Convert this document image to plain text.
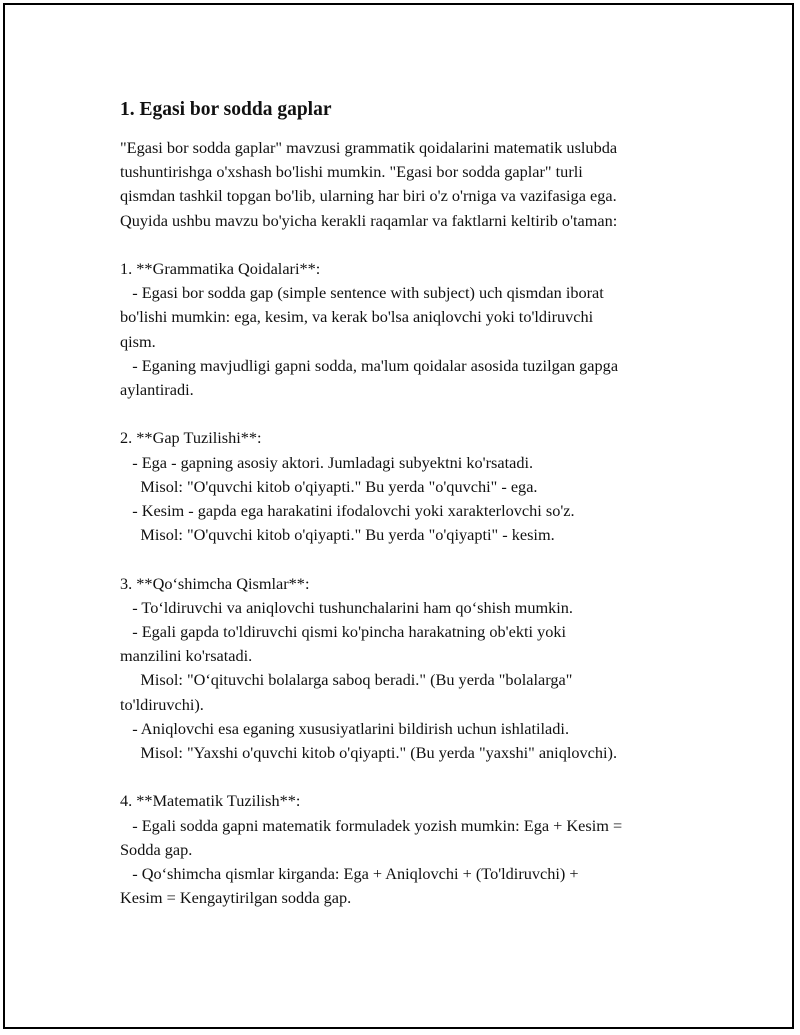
1. Egasi bor sodda gaplar

"Egasi bor sodda gaplar" mavzusi grammatik qoidalarini matematik uslubda

tushuntirishga o'xshash bo'lishi mumkin. "Egasi bor sodda gaplar" turli

qismdan tashkil topgan bo'lib, ularning har biri o'z o'rniga va vazifasiga ega.

Quyida ushbu mavzu bo'yicha kerakli raqamlar va faktlarni keltirib o'taman:

1. **Grammatika Qoidalari**:

- Egasi bor sodda gap (simple sentence with subject) uch qismdan iborat

bo'lishi mumkin: ega, kesim, va kerak bo'lsa aniqlovchi yoki to'ldiruvchi

qism.

- Eganing mavjudligi gapni sodda, ma'lum qoidalar asosida tuzilgan gapga

aylantiradi.

2. **Gap Tuzilishi**:

- Ega - gapning asosiy aktori. Jumladagi subyektni ko'rsatadi.

Misol: "O'quvchi kitob o'qiyapti." Bu yerda "o'quvchi" - ega.

- Kesim - gapda ega harakatini ifodalovchi yoki xarakterlovchi so'z.

Misol: "O'quvchi kitob o'qiyapti." Bu yerda "o'qiyapti" - kesim.

3. **Qo‘shimcha Qismlar**:

- To‘ldiruvchi va aniqlovchi tushunchalarini ham qo‘shish mumkin.

- Egali gapda to'ldiruvchi qismi ko'pincha harakatning ob'ekti yoki

manzilini ko'rsatadi.

Misol: "O‘qituvchi bolalarga saboq beradi." (Bu yerda "bolalarga"

to'ldiruvchi).

- Aniqlovchi esa eganing xususiyatlarini bildirish uchun ishlatiladi.

Misol: "Yaxshi o'quvchi kitob o'qiyapti." (Bu yerda "yaxshi" aniqlovchi).

4. **Matematik Tuzilish**:

- Egali sodda gapni matematik formuladek yozish mumkin: Ega + Kesim =

Sodda gap.

- Qo‘shimcha qismlar kirganda: Ega + Aniqlovchi + (To'ldiruvchi) +

Kesim = Kengaytirilgan sodda gap.
